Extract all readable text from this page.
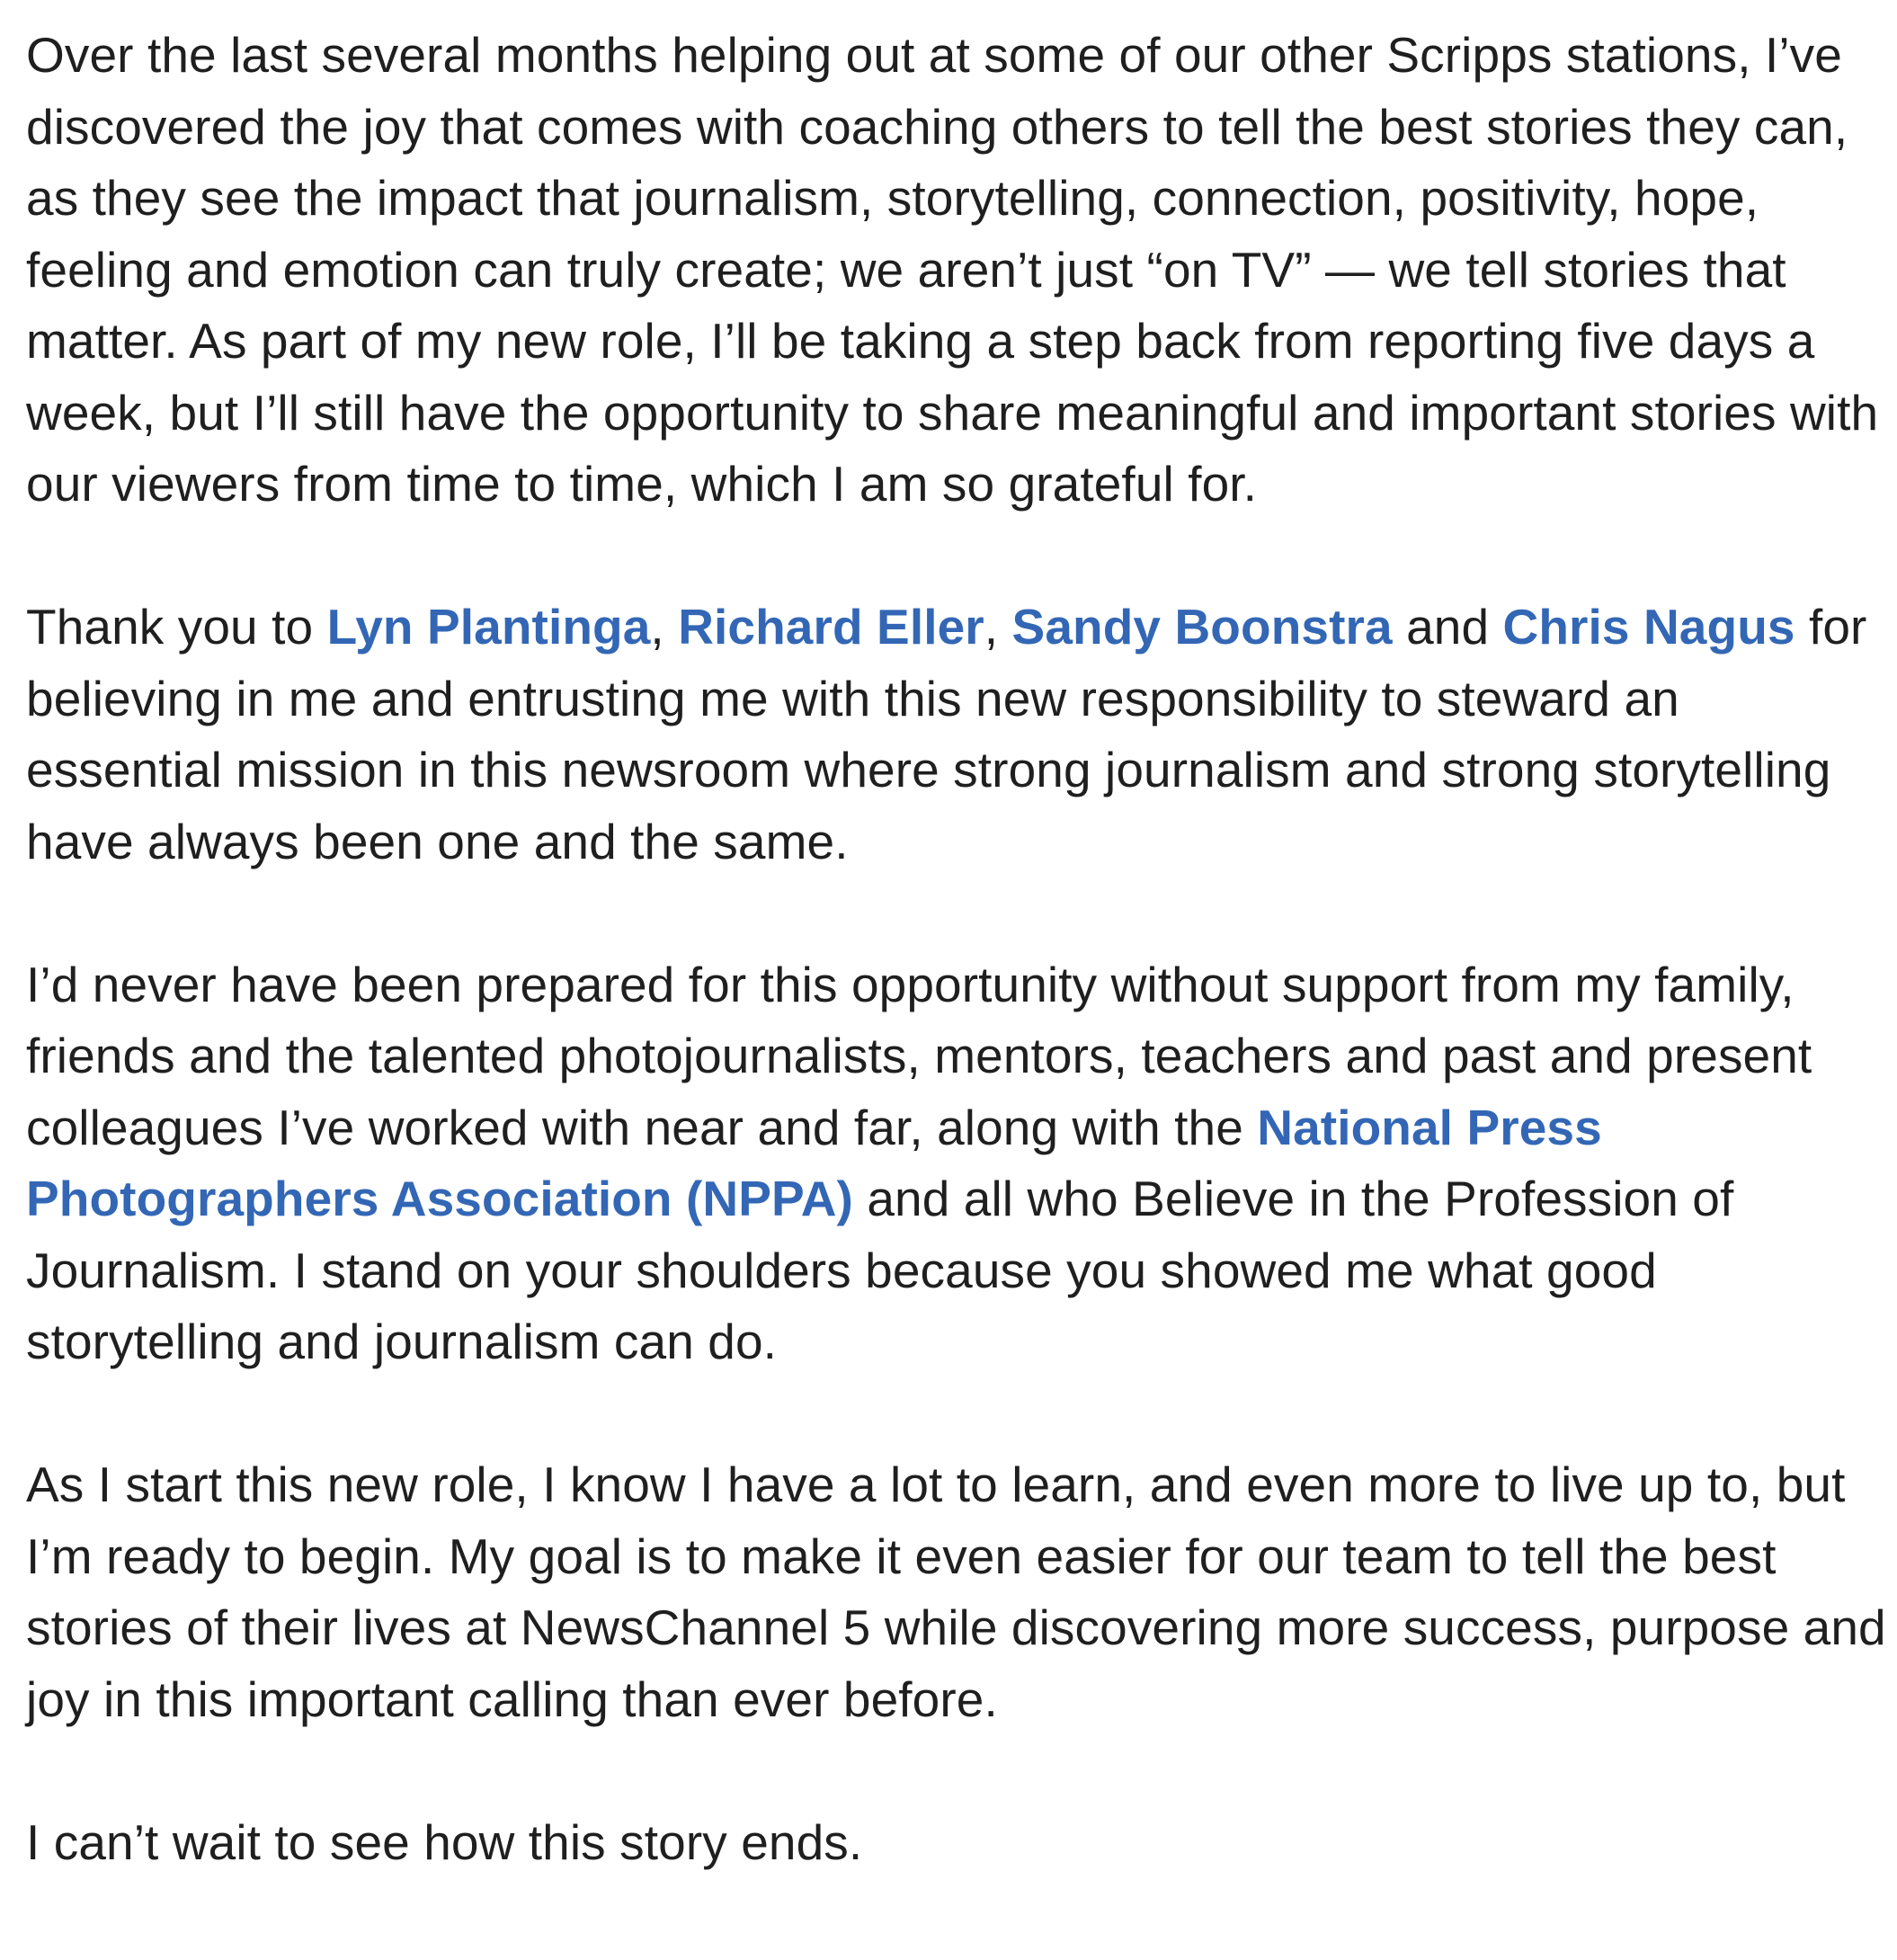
Over the last several months helping out at some of our other Scripps stations, I’ve discovered the joy that comes with coaching others to tell the best stories they can, as they see the impact that journalism, storytelling, connection, positivity, hope, feeling and emotion can truly create; we aren’t just “on TV” — we tell stories that matter. As part of my new role, I’ll be taking a step back from reporting five days a week, but I’ll still have the opportunity to share meaningful and important stories with our viewers from time to time, which I am so grateful for.

Thank you to Lyn Plantinga, Richard Eller, Sandy Boonstra and Chris Nagus for believing in me and entrusting me with this new responsibility to steward an essential mission in this newsroom where strong journalism and strong storytelling have always been one and the same.

I’d never have been prepared for this opportunity without support from my family, friends and the talented photojournalists, mentors, teachers and past and present colleagues I’ve worked with near and far, along with the National Press Photographers Association (NPPA) and all who Believe in the Profession of Journalism. I stand on your shoulders because you showed me what good storytelling and journalism can do.

As I start this new role, I know I have a lot to learn, and even more to live up to, but I’m ready to begin. My goal is to make it even easier for our team to tell the best stories of their lives at NewsChannel 5 while discovering more success, purpose and joy in this important calling than ever before.

I can’t wait to see how this story ends.
